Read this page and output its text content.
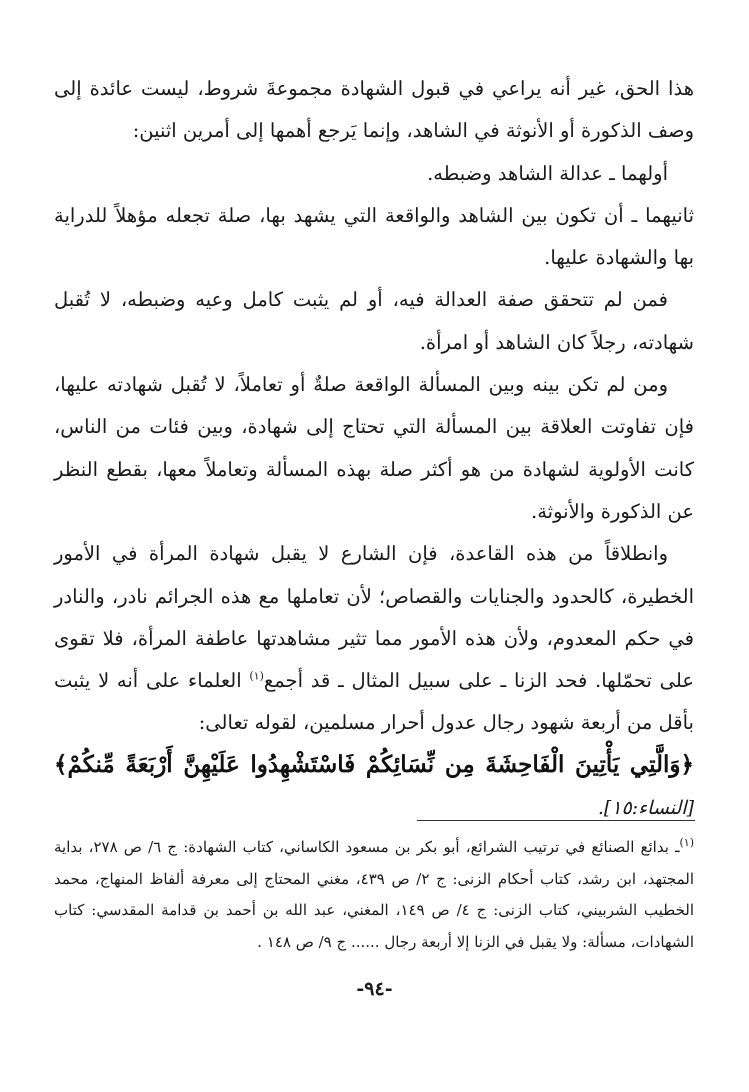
هذا الحق، غير أنه يراعي في قبول الشهادة مجموعةَ شروط، ليست عائدة إلى وصف الذكورة أو الأنوثة في الشاهد، وإنما يَرجع أهمها إلى أمرين اثنين:

أولهما ـ عدالة الشاهد وضبطه.

ثانيهما ـ أن تكون بين الشاهد والواقعة التي يشهد بها، صلة تجعله مؤهلاً للدراية بها والشهادة عليها.

فمن لم تتحقق صفة العدالة فيه، أو لم يثبت كامل وعيه وضبطه، لا تُقبل شهادته، رجلاً كان الشاهد أو امرأة.

ومن لم تكن بينه وبين المسألة الواقعة صلةٌ أو تعاملاً، لا تُقبل شهادته عليها، فإن تفاوتت العلاقة بين المسألة التي تحتاج إلى شهادة، وبين فئات من الناس، كانت الأولوية لشهادة من هو أكثر صلة بهذه المسألة وتعاملاً معها، بقطع النظر عن الذكورة والأنوثة.

وانطلاقاً من هذه القاعدة، فإن الشارع لا يقبل شهادة المرأة في الأمور الخطيرة، كالحدود والجنايات والقصاص؛ لأن تعاملها مع هذه الجرائم نادر، والنادر في حكم المعدوم، ولأن هذه الأمور مما تثير مشاهدتها عاطفة المرأة، فلا تقوى على تحمّلها. فحد الزنا ـ على سبيل المثال ـ قد أجمع$^{(١)}$ العلماء على أنه لا يثبت بأقل من أربعة شهود رجال عدول أحرار مسلمين، لقوله تعالى:

﴿وَالَّتِي يَأْتِينَ الْفَاحِشَةَ مِن نِّسَائِكُمْ فَاسْتَشْهِدُوا عَلَيْهِنَّ أَرْبَعَةً مِّنكُمْ﴾ [النساء:١٥].

$^{(١)}$ـ بدائع الصنائع في ترتيب الشرائع، أبو بكر بن مسعود الكاساني، كتاب الشهادة: ج ٦/ ص ٢٧٨، بداية المجتهد، ابن رشد، كتاب أحكام الزنى: ج ٢/ ص ٤٣٩، مغني المحتاج إلى معرفة ألفاظ المنهاج، محمد الخطيب الشربيني، كتاب الزنى: ج ٤/ ص ١٤٩، المغني، عبد الله بن أحمد بن قدامة المقدسي: كتاب الشهادات، مسألة: ولا يقبل في الزنا إلا أربعة رجال ...... ج ٩/ ص ١٤٨ .

-٩٤-
